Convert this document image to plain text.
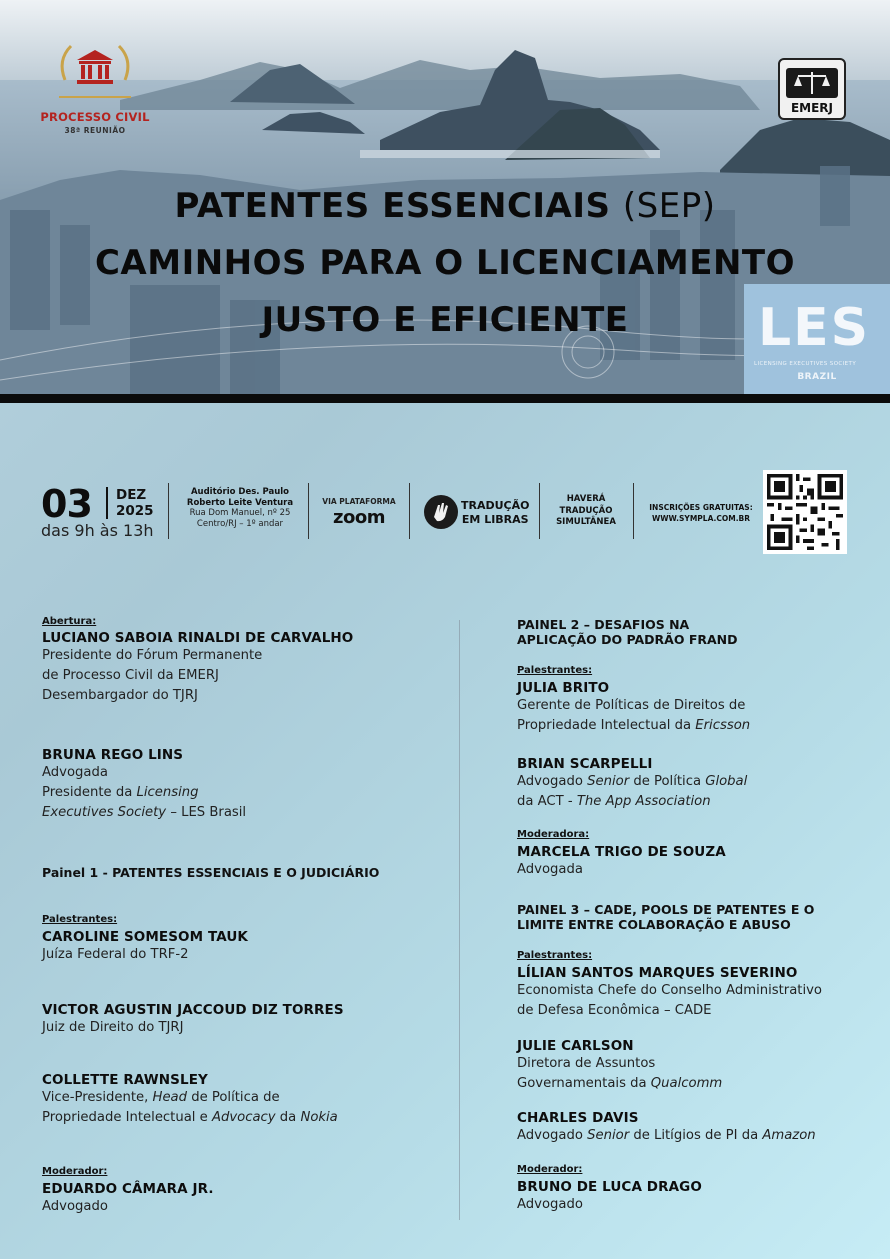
PROCESSO CIVIL
38ª REUNIÃO
EMERJ
LES
LICENSING EXECUTIVES SOCIETY
BRAZIL
PATENTES ESSENCIAIS (SEP)
CAMINHOS PARA O LICENCIAMENTO
JUSTO E EFICIENTE
03 DEZ
2025
das 9h às 13h
Auditório Des. Paulo
Roberto Leite Ventura
Rua Dom Manuel, nº 25
Centro/RJ – 1º andar
VIA PLATAFORMA
zoom
TRADUÇÃO
EM LIBRAS
HAVERÁ
TRADUÇÃO
SIMULTÂNEA
INSCRIÇÕES GRATUITAS:
WWW.SYMPLA.COM.BR
Abertura:
LUCIANO SABOIA RINALDI DE CARVALHO
Presidente do Fórum Permanente
de Processo Civil da EMERJ
Desembargador do TJRJ
BRUNA REGO LINS
Advogada
Presidente da Licensing
Executives Society – LES Brasil
Painel 1 - PATENTES ESSENCIAIS E O JUDICIÁRIO
Palestrantes:
CAROLINE SOMESOM TAUK
Juíza Federal do TRF-2
VICTOR AGUSTIN JACCOUD DIZ TORRES
Juiz de Direito do TJRJ
COLLETTE RAWNSLEY
Vice-Presidente, Head de Política de
Propriedade Intelectual e Advocacy da Nokia
Moderador:
EDUARDO CÂMARA JR.
Advogado
PAINEL 2 – DESAFIOS NA
APLICAÇÃO DO PADRÃO FRAND
Palestrantes:
JULIA BRITO
Gerente de Políticas de Direitos de
Propriedade Intelectual da Ericsson
BRIAN SCARPELLI
Advogado Senior de Política Global
da ACT - The App Association
Moderadora:
MARCELA TRIGO DE SOUZA
Advogada
PAINEL 3 – CADE, POOLS DE PATENTES E O
LIMITE ENTRE COLABORAÇÃO E ABUSO
Palestrantes:
LÍLIAN SANTOS MARQUES SEVERINO
Economista Chefe do Conselho Administrativo
de Defesa Econômica – CADE
JULIE CARLSON
Diretora de Assuntos
Governamentais da Qualcomm
CHARLES DAVIS
Advogado Senior de Litígios de PI da Amazon
Moderador:
BRUNO DE LUCA DRAGO
Advogado
